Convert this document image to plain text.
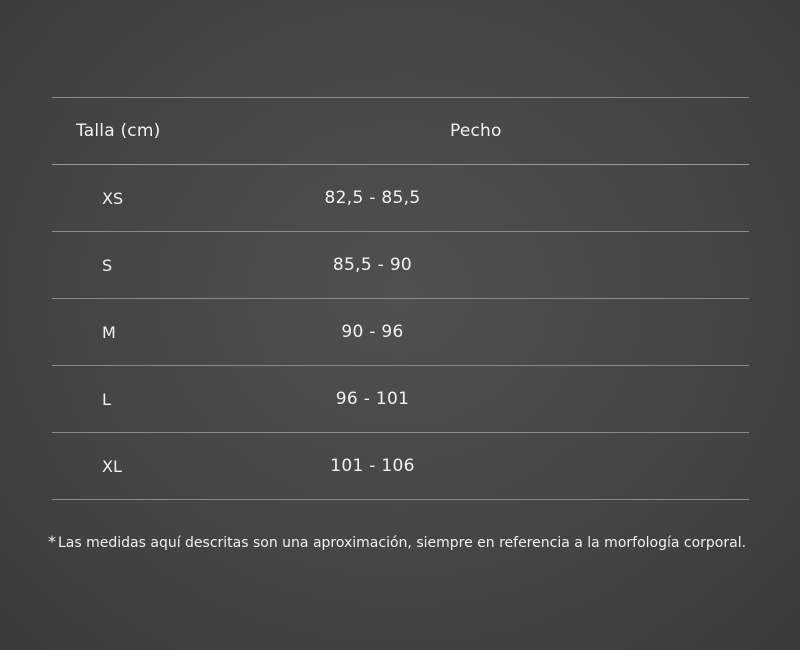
Talla (cm)	Pecho
XS	82,5 - 85,5
S	85,5 - 90
M	90 - 96
L	96 - 101
XL	101 - 106
* Las medidas aquí descritas son una aproximación, siempre en referencia a la morfología corporal.
